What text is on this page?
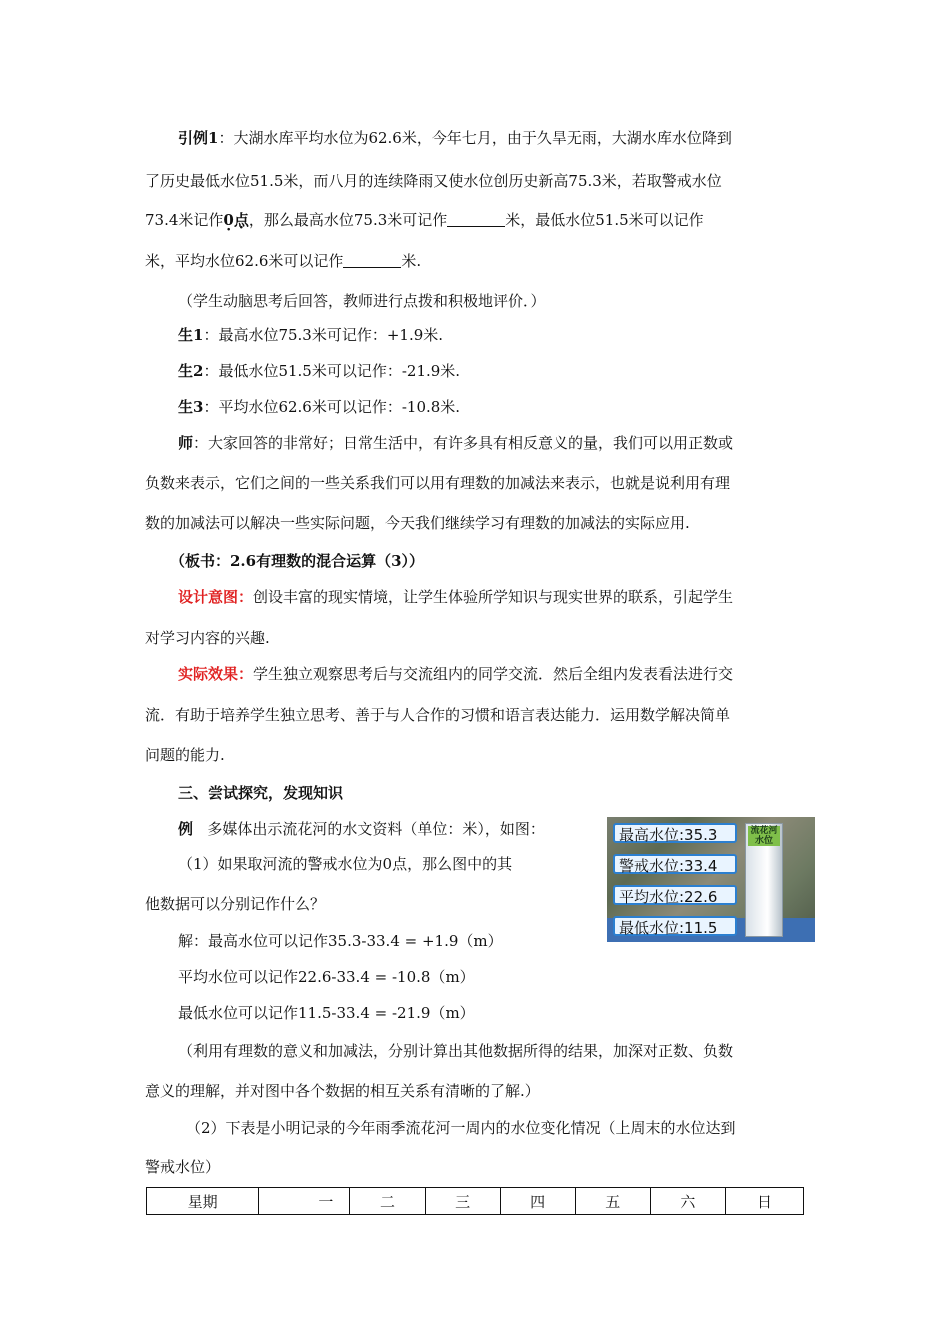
引例1：大湖水库平均水位为62.6米，今年七月，由于久旱无雨，大湖水库水位降到
了历史最低水位51.5米，而八月的连续降雨又使水位创历史新高75.3米，若取警戒水位
73.4米记作0 ·点，那么最高水位75.3米可记作	米，最低水位51.5米可以记作
米，平均水位62.6米可以记作	米.
（学生动脑思考后回答，教师进行点拨和积极地评价．）
生1：最高水位75.3米可记作：+1.9米.
生2：最低水位51.5米可以记作：-21.9米.
生3：平均水位62.6米可以记作：-10.8米.
师：大家回答的非常好；日常生活中，有许多具有相反意义的量，我们可以用正数或
负数来表示，它们之间的一些关系我们可以用有理数的加减法来表示，也就是说利用有理
数的加减法可以解决一些实际问题，今天我们继续学习有理数的加减法的实际应用.
（板书：2.6有理数的混合运算（3））
设计意图：创设丰富的现实情境，让学生体验所学知识与现实世界的联系，引起学生
对学习内容的兴趣.
实际效果：学生独立观察思考后与交流组内的同学交流．然后全组内发表看法进行交
流．有助于培养学生独立思考、善于与人合作的习惯和语言表达能力．运用数学解决简单
问题的能力.
三、尝试探究，发现知识
例 多媒体出示流花河的水文资料（单位：米），如图：
（1）如果取河流的警戒水位为0点，那么图中的其
他数据可以分别记作什么？
流花河水位
最高水位:35.3
警戒水位:33.4
平均水位:22.6
最低水位:11.5
解：最高水位可以记作35.3-33.4 = +1.9（m）
平均水位可以记作22.6-33.4 = -10.8（m）
最低水位可以记作11.5-33.4 = -21.9（m）
（利用有理数的意义和加减法，分别计算出其他数据所得的结果，加深对正数、负数
意义的理解，并对图中各个数据的相互关系有清晰的了解.）
（2）下表是小明记录的今年雨季流花河一周内的水位变化情况（上周末的水位达到
警戒水位）
星期	一	二	三	四	五	六	日
